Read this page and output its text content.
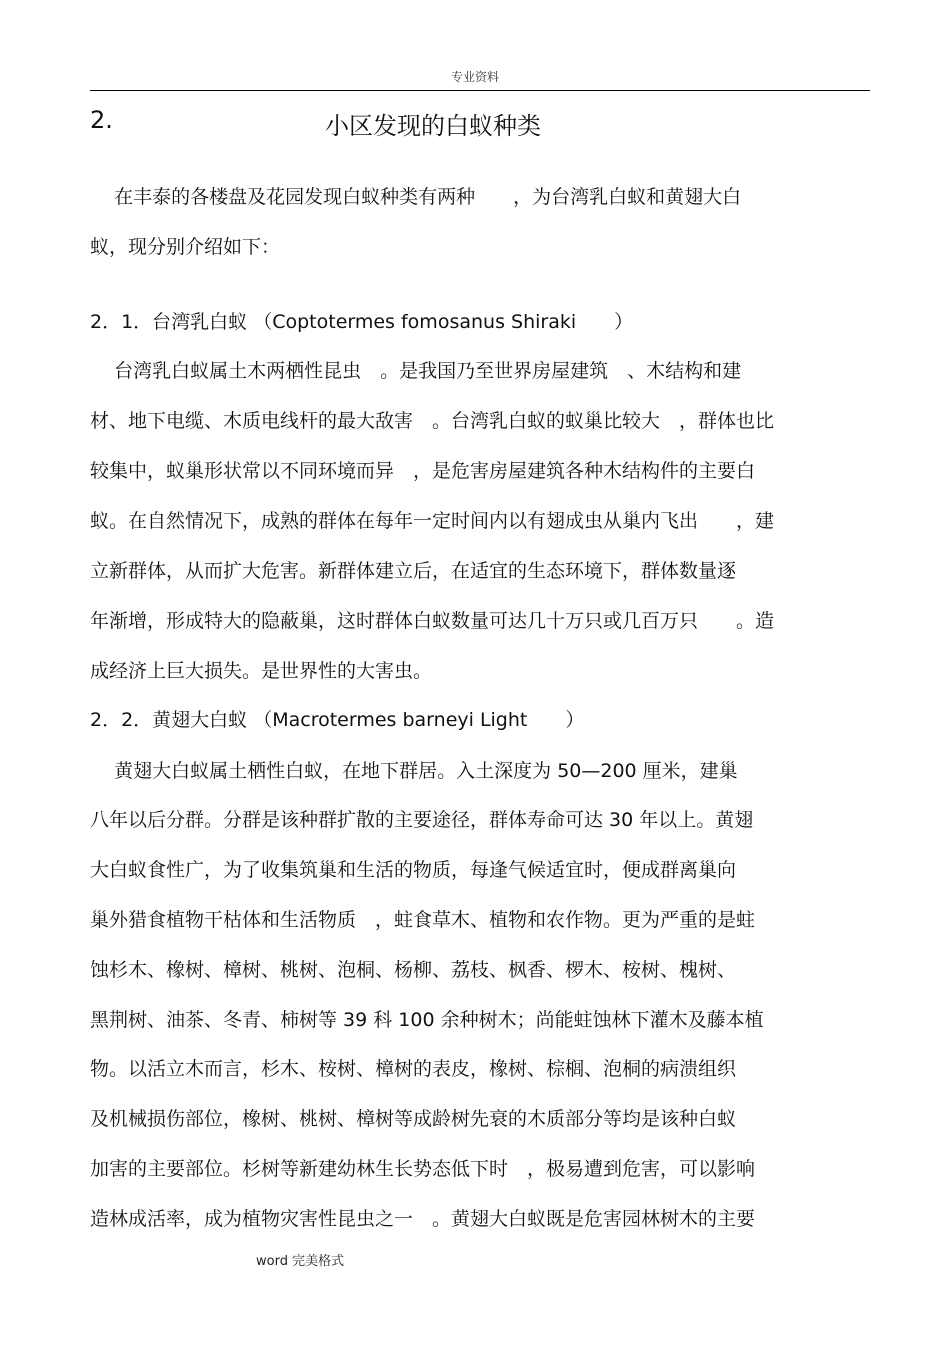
专业资料
2.	小区发现的白蚁种类
在丰泰的各楼盘及花园发现白蚁种类有两种　　，为台湾乳白蚁和黄翅大白
蚁，现分别介绍如下：
2．1．台湾乳白蚁 （Coptotermes fomosanus Shiraki　　）
台湾乳白蚁属土木两栖性昆虫　。是我国乃至世界房屋建筑　、木结构和建
材、地下电缆、木质电线杆的最大敌害　。台湾乳白蚁的蚁巢比较大　，群体也比
较集中，蚁巢形状常以不同环境而异　，是危害房屋建筑各种木结构件的主要白
蚁。在自然情况下，成熟的群体在每年一定时间内以有翅成虫从巢内飞出　　，建
立新群体，从而扩大危害。新群体建立后，在适宜的生态环境下，群体数量逐
年渐增，形成特大的隐蔽巢，这时群体白蚁数量可达几十万只或几百万只　　。造
成经济上巨大损失。是世界性的大害虫。
2．2．黄翅大白蚁 （Macrotermes barneyi Light　　）
黄翅大白蚁属土栖性白蚁，在地下群居。入土深度为 50—200 厘米，建巢
八年以后分群。分群是该种群扩散的主要途径，群体寿命可达 30 年以上。黄翅
大白蚁食性广，为了收集筑巢和生活的物质，每逢气候适宜时，便成群离巢向
巢外猎食植物干枯体和生活物质　，蛀食草木、植物和农作物。更为严重的是蛀
蚀杉木、橡树、樟树、桃树、泡桐、杨柳、荔枝、枫香、椤木、桉树、槐树、
黑荆树、油茶、冬青、柿树等 39 科 100 余种树木；尚能蛀蚀林下灌木及藤本植
物。以活立木而言，杉木、桉树、樟树的表皮，橡树、棕榈、泡桐的病溃组织
及机械损伤部位，橡树、桃树、樟树等成龄树先衰的木质部分等均是该种白蚁
加害的主要部位。杉树等新建幼林生长势态低下时　，极易遭到危害，可以影响
造林成活率，成为植物灾害性昆虫之一　。黄翅大白蚁既是危害园林树木的主要
word 完美格式
